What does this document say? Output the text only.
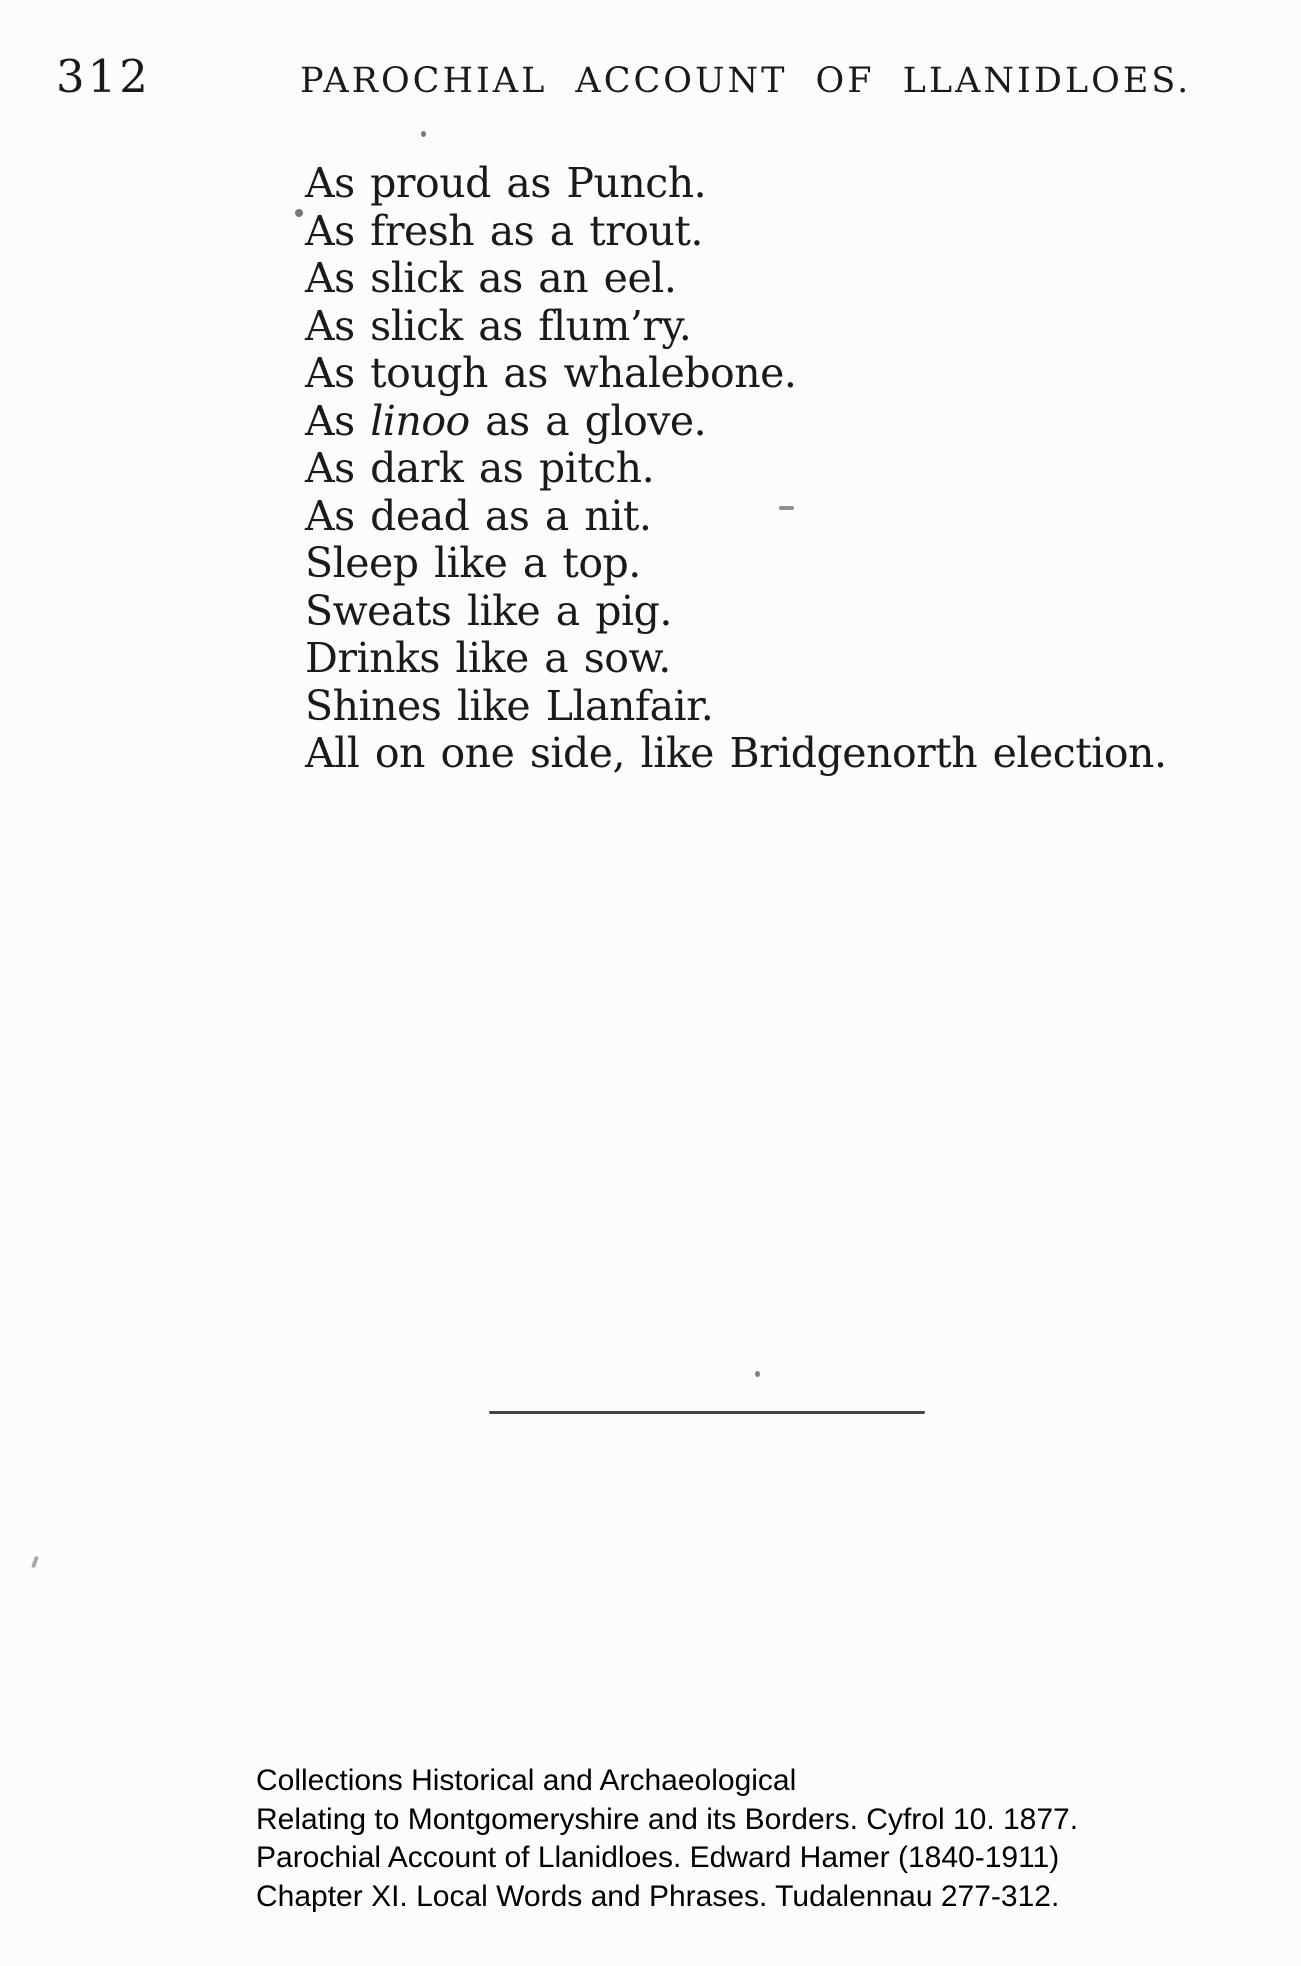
312	PAROCHIAL ACCOUNT OF LLANIDLOES.
As proud as Punch.
As fresh as a trout.
As slick as an eel.
As slick as flum’ry.
As tough as whalebone.
As linoo as a glove.
As dark as pitch.
As dead as a nit.
Sleep like a top.
Sweats like a pig.
Drinks like a sow.
Shines like Llanfair.
All on one side, like Bridgenorth election.
Collections Historical and Archaeological
Relating to Montgomeryshire and its Borders. Cyfrol 10. 1877.
Parochial Account of Llanidloes. Edward Hamer (1840-1911)
Chapter XI. Local Words and Phrases. Tudalennau 277-312.
